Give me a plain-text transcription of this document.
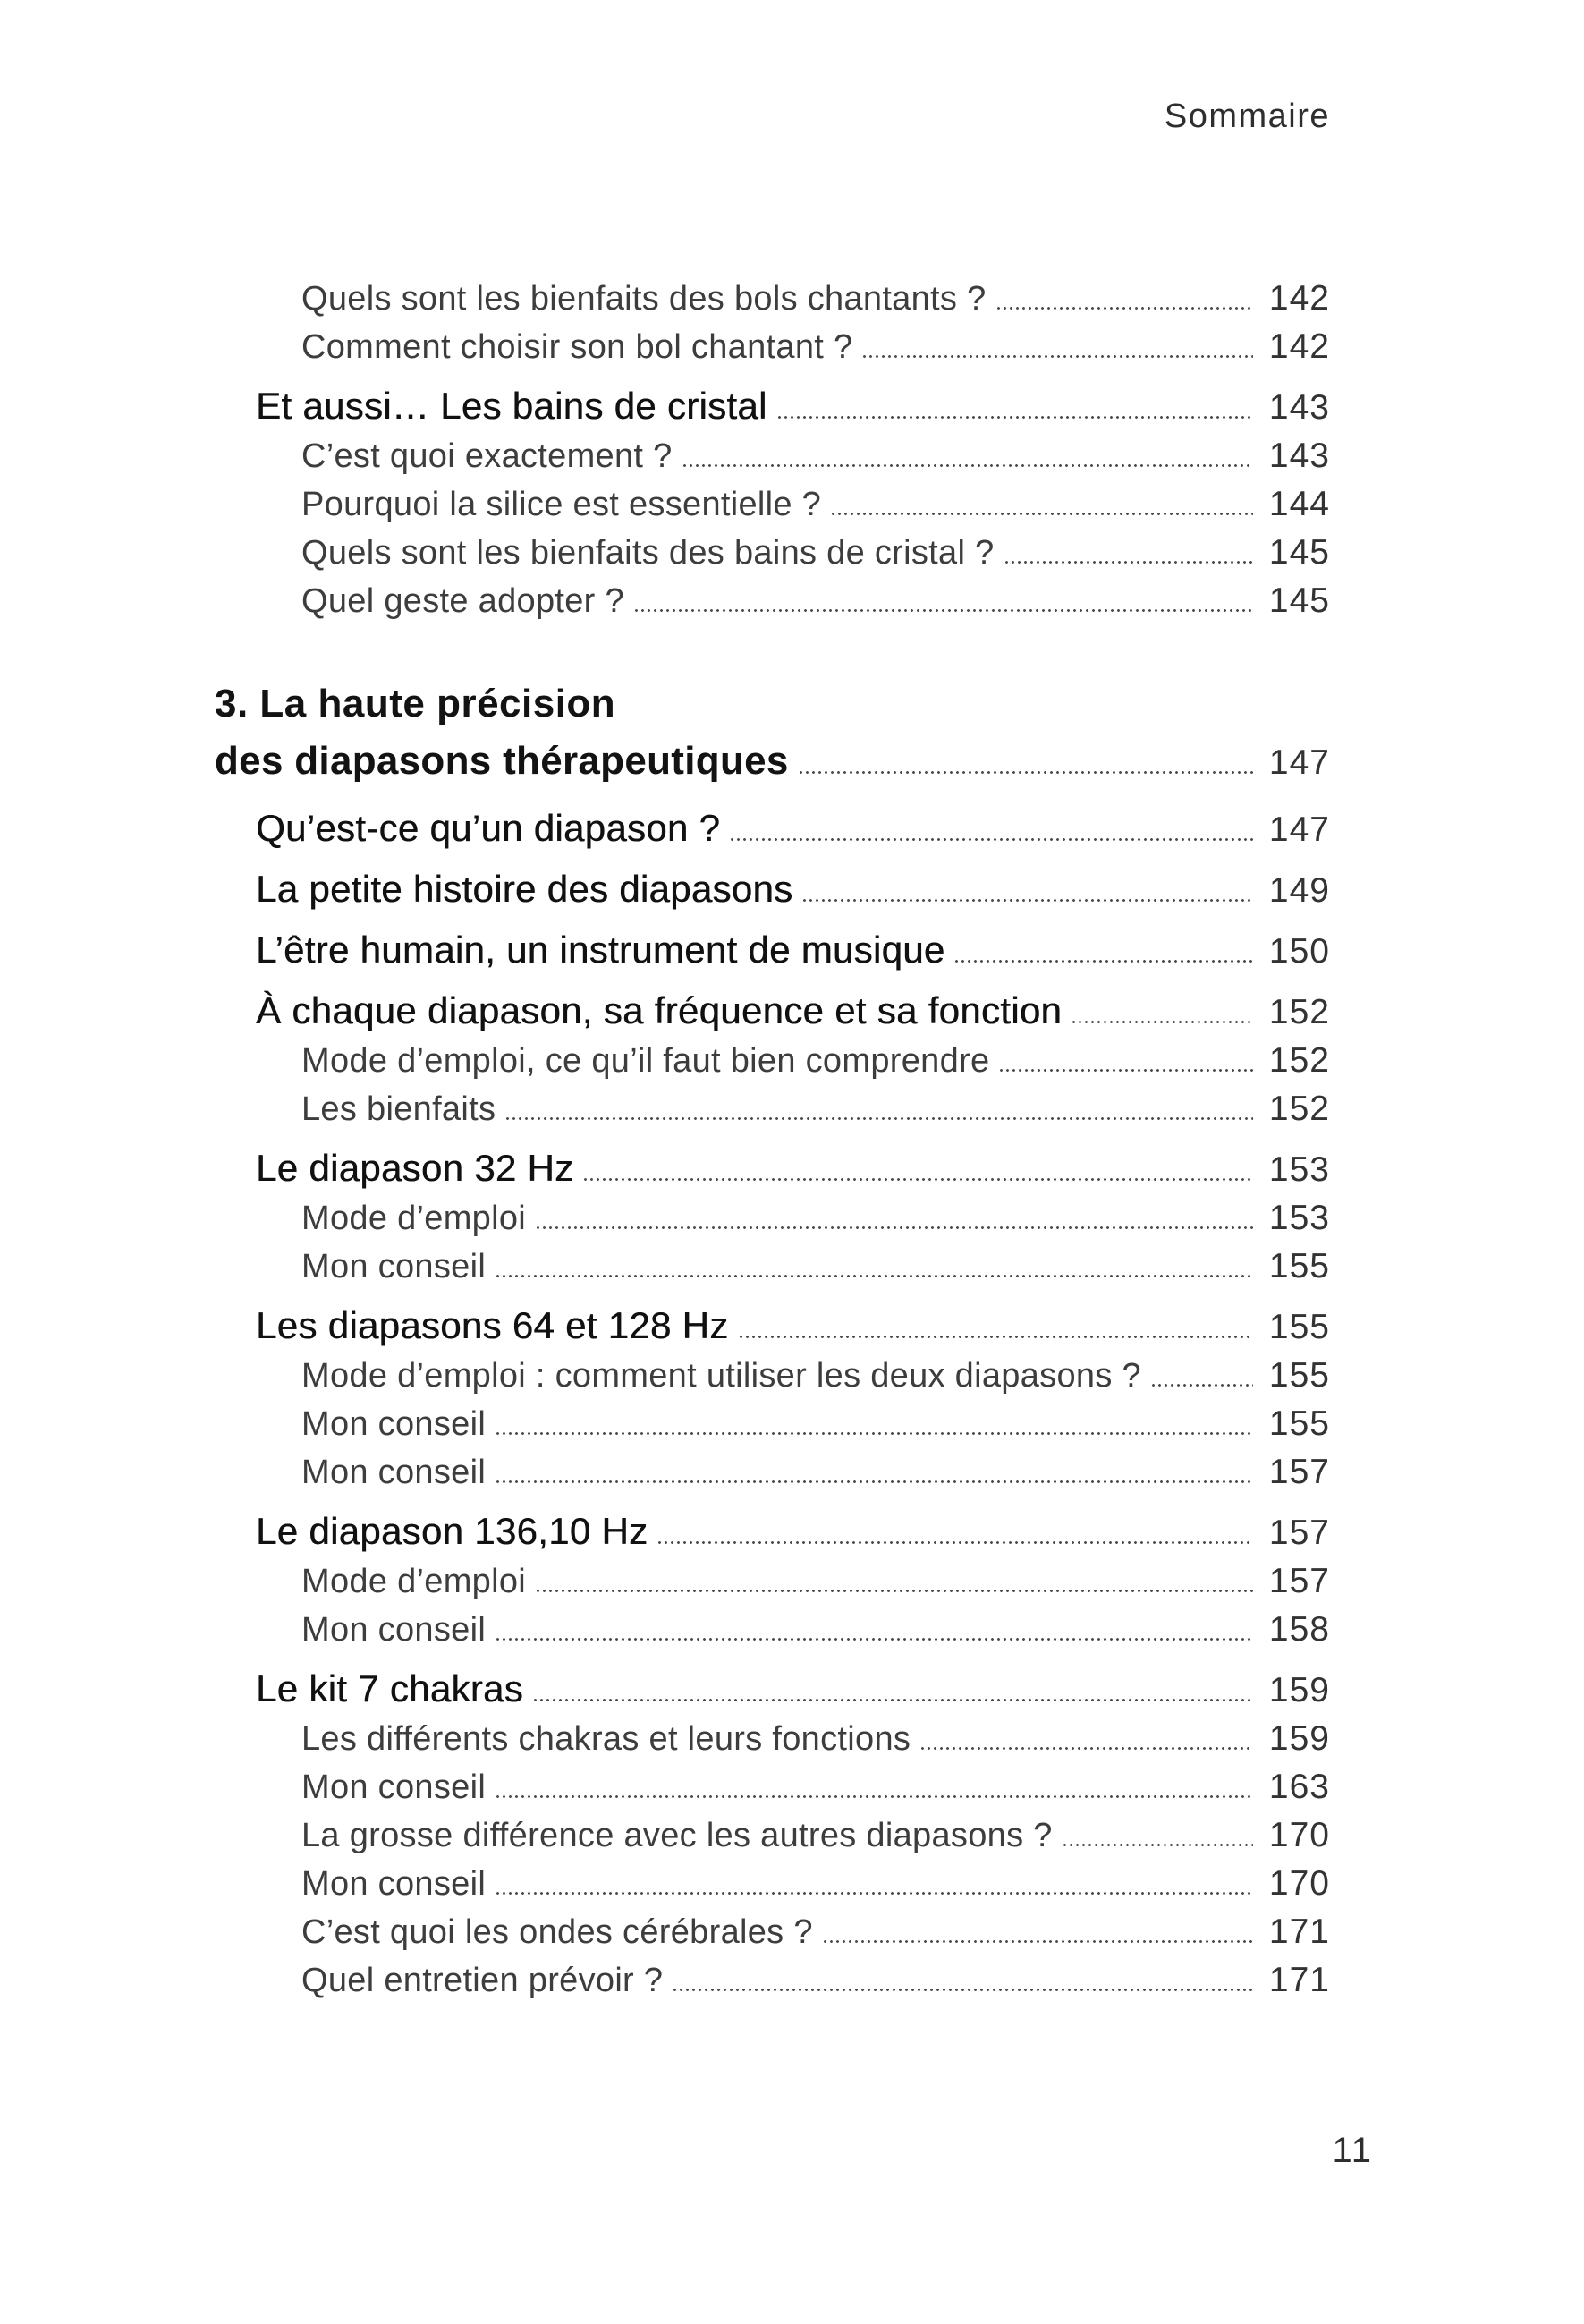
Sommaire
Quels sont les bienfaits des bols chantants ?	142
Comment choisir son bol chantant ?	142
Et aussi… Les bains de cristal	143
C’est quoi exactement ?	143
Pourquoi la silice est essentielle ?	144
Quels sont les bienfaits des bains de cristal ?	145
Quel geste adopter ?	145
3. La haute précision
des diapasons thérapeutiques	147
Qu’est-ce qu’un diapason ?	147
La petite histoire des diapasons	149
L’être humain, un instrument de musique	150
À chaque diapason, sa fréquence et sa fonction	152
Mode d’emploi, ce qu’il faut bien comprendre	152
Les bienfaits	152
Le diapason 32 Hz	153
Mode d’emploi	153
Mon conseil	155
Les diapasons 64 et 128 Hz	155
Mode d’emploi : comment utiliser les deux diapasons ?	155
Mon conseil	155
Mon conseil	157
Le diapason 136,10 Hz	157
Mode d’emploi	157
Mon conseil	158
Le kit 7 chakras	159
Les différents chakras et leurs fonctions	159
Mon conseil	163
La grosse différence avec les autres diapasons ?	170
Mon conseil	170
C’est quoi les ondes cérébrales ?	171
Quel entretien prévoir ?	171
11
